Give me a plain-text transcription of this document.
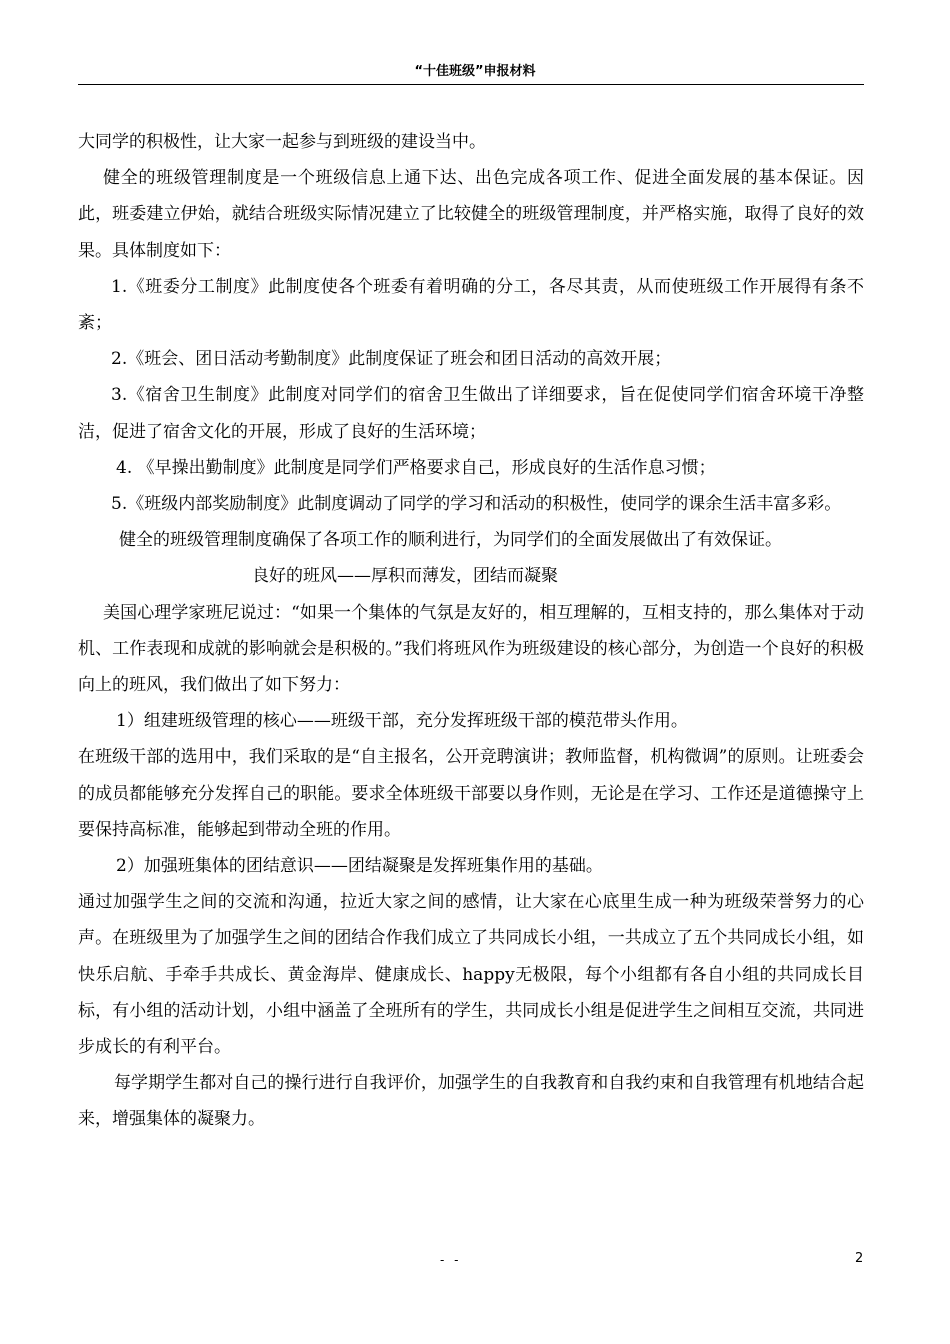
“十佳班级”申报材料

大同学的积极性，让大家一起参与到班级的建设当中。

健全的班级管理制度是一个班级信息上通下达、出色完成各项工作、促进全面发展的基本保证。因此，班委建立伊始，就结合班级实际情况建立了比较健全的班级管理制度，并严格实施，取得了良好的效果。具体制度如下：

1.《班委分工制度》此制度使各个班委有着明确的分工，各尽其责，从而使班级工作开展得有条不紊；

2.《班会、团日活动考勤制度》此制度保证了班会和团日活动的高效开展；

3.《宿舍卫生制度》此制度对同学们的宿舍卫生做出了详细要求，旨在促使同学们宿舍环境干净整洁，促进了宿舍文化的开展，形成了良好的生活环境；

4. 《早操出勤制度》此制度是同学们严格要求自己，形成良好的生活作息习惯；

5.《班级内部奖励制度》此制度调动了同学的学习和活动的积极性，使同学的课余生活丰富多彩。

健全的班级管理制度确保了各项工作的顺利进行，为同学们的全面发展做出了有效保证。

良好的班风——厚积而薄发，团结而凝聚

美国心理学家班尼说过：“如果一个集体的气氛是友好的，相互理解的，互相支持的，那么集体对于动机、工作表现和成就的影响就会是积极的。”我们将班风作为班级建设的核心部分，为创造一个良好的积极向上的班风，我们做出了如下努力：

1）组建班级管理的核心——班级干部，充分发挥班级干部的模范带头作用。

在班级干部的选用中，我们采取的是“自主报名，公开竞聘演讲；教师监督，机构微调”的原则。让班委会的成员都能够充分发挥自己的职能。要求全体班级干部要以身作则，无论是在学习、工作还是道德操守上要保持高标准，能够起到带动全班的作用。

2）加强班集体的团结意识——团结凝聚是发挥班集作用的基础。

通过加强学生之间的交流和沟通，拉近大家之间的感情，让大家在心底里生成一种为班级荣誉努力的心声。在班级里为了加强学生之间的团结合作我们成立了共同成长小组，一共成立了五个共同成长小组，如快乐启航、手牵手共成长、黄金海岸、健康成长、happy无极限，每个小组都有各自小组的共同成长目标，有小组的活动计划，小组中涵盖了全班所有的学生，共同成长小组是促进学生之间相互交流，共同进步成长的有利平台。

每学期学生都对自己的操行进行自我评价，加强学生的自我教育和自我约束和自我管理有机地结合起来，增强集体的凝聚力。

- -	2
